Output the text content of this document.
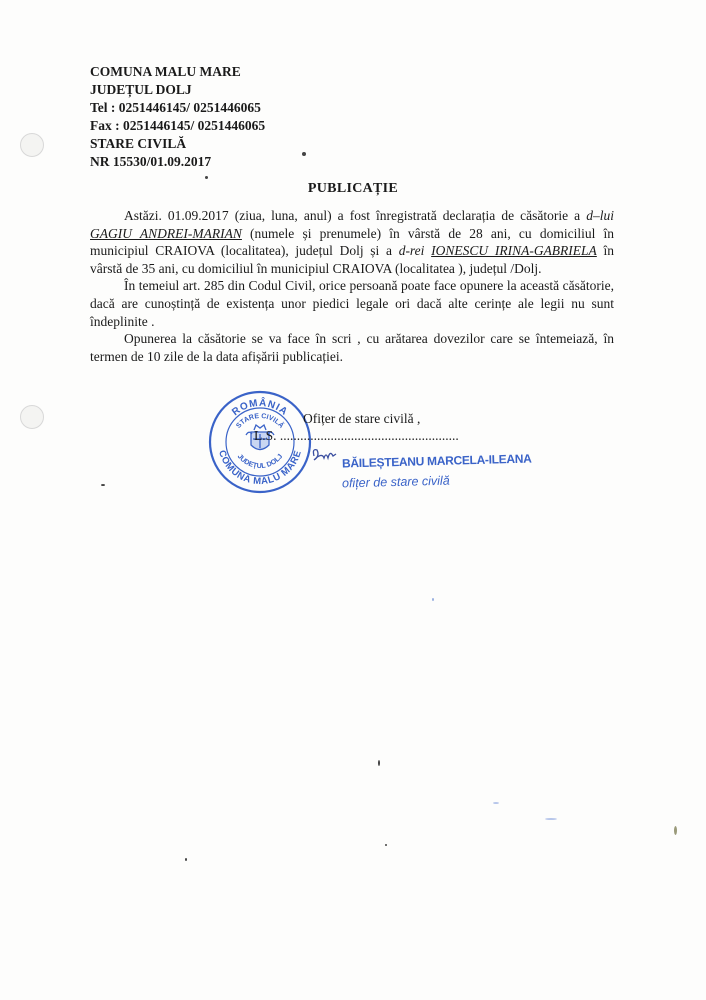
COMUNA MALU MARE
JUDEȚUL DOLJ
Tel : 0251446145/ 0251446065
Fax : 0251446145/ 0251446065
STARE CIVILĂ
NR 15530/01.09.2017
PUBLICAȚIE

Astăzi. 01.09.2017 (ziua, luna, anul) a fost înregistrată declarația de căsătorie a d–lui GAGIU ANDREI-MARIAN (numele și prenumele) în vârstă de 28 ani, cu domiciliul în municipiul CRAIOVA (localitatea), județul Dolj și a d-rei IONESCU IRINA-GABRIELA în vârstă de 35 ani, cu domiciliul în municipiul CRAIOVA (localitatea ), județul /Dolj.

În temeiul art. 285 din Codul Civil, orice persoană poate face opunere la această căsătorie, dacă are cunoștință de existența unor piedici legale ori dacă alte cerințe ale legii nu sunt îndeplinite .

Opunerea la căsătorie se va face în scri , cu arătarea dovezilor care se întemeiază, în termen de 10 zile de la data afișării publicației.

ROMÂNIA
COMUNA MALU MARE
STARE CIVILĂ
JUDEȚUL DOLJ
Ofițer de stare civilă ,
L.S. .....................................................
BĂILEȘTEANU MARCELA-ILEANA
ofițer de stare civilă
